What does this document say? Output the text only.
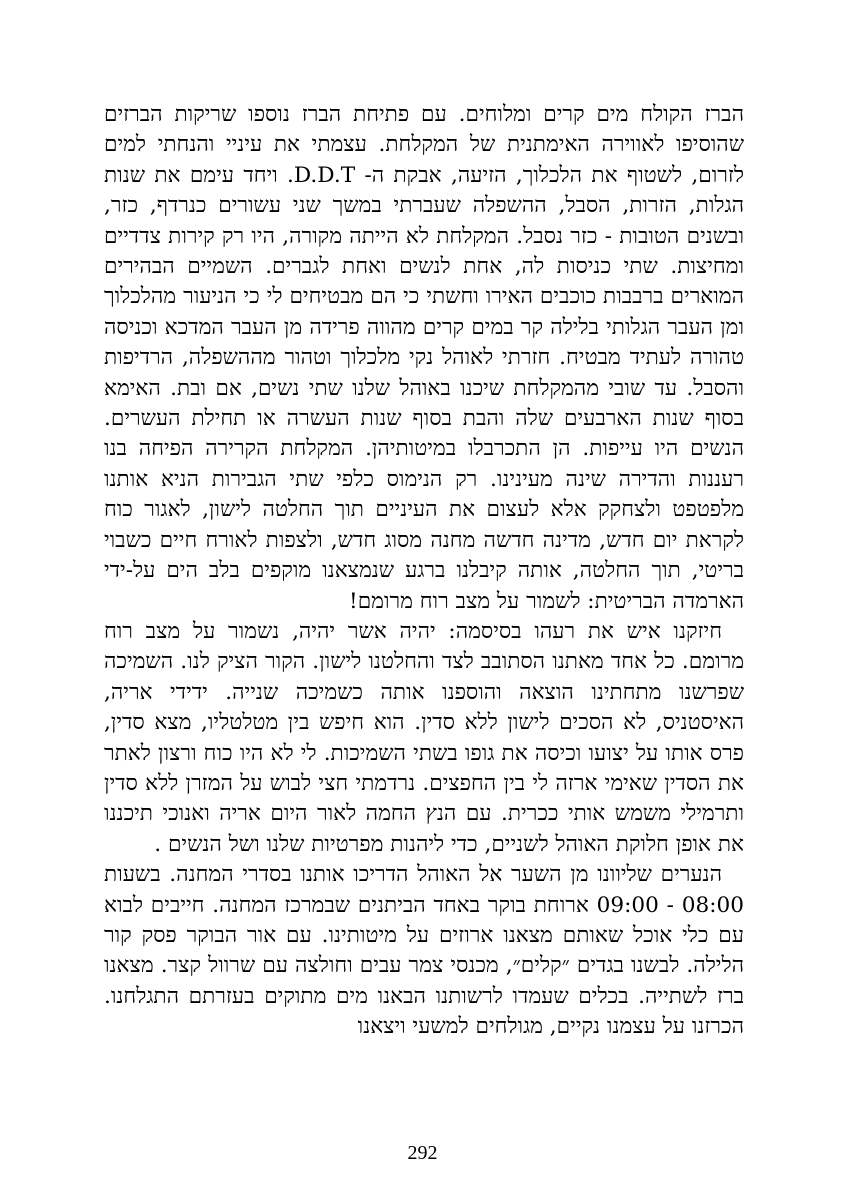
הברז הקולח מים קרים ומלוחים. עם פתיחת הברז נוספו שריקות הברזים שהוסיפו לאווירה האימתנית של המקלחת. עצמתי את עיניי והנחתי למים לזרום, לשטוף את הלכלוך, הזיעה, אבקת ה- D.D.T. ויחד עימם את שנות הגלות, הזרות, הסבל, ההשפלה שעברתי במשך שני עשורים כנרדף, כזר, ובשנים הטובות - כזר נסבל. המקלחת לא הייתה מקורה, היו רק קירות צדדיים ומחיצות. שתי כניסות לה, אחת לנשים ואחת לגברים. השמיים הבהירים המוארים ברבבות כוכבים האירו וחשתי כי הם מבטיחים לי כי הניעור מהלכלוך ומן העבר הגלותי בלילה קר במים קרים מהווה פרידה מן העבר המדכא וכניסה טהורה לעתיד מבטיח. חזרתי לאוהל נקי מלכלוך וטהור מההשפלה, הרדיפות והסבל. עד שובי מהמקלחת שיכנו באוהל שלנו שתי נשים, אם ובת. האימא בסוף שנות הארבעים שלה והבת בסוף שנות העשרה או תחילת העשרים. הנשים היו עייפות. הן התכרבלו במיטותיהן. המקלחת הקרירה הפיחה בנו רעננות והדירה שינה מעינינו. רק הנימוס כלפי שתי הגבירות הניא אותנו מלפטפט ולצחקק אלא לעצום את העיניים תוך החלטה לישון, לאגור כוח לקראת יום חדש, מדינה חדשה מחנה מסוג חדש, ולצפות לאורח חיים כשבוי בריטי, תוך החלטה, אותה קיבלנו ברגע שנמצאנו מוקפים בלב הים על-ידי הארמדה הבריטית: לשמור על מצב רוח מרומם!

חיזקנו איש את רעהו בסיסמה: יהיה אשר יהיה, נשמור על מצב רוח מרומם. כל אחד מאתנו הסתובב לצד והחלטנו לישון. הקור הציק לנו. השמיכה שפרשנו מתחתינו הוצאה והוספנו אותה כשמיכה שנייה. ידידי אריה, האיסטניס, לא הסכים לישון ללא סדין. הוא חיפש בין מטלטליו, מצא סדין, פרס אותו על יצועו וכיסה את גופו בשתי השמיכות. לי לא היו כוח ורצון לאתר את הסדין שאימי ארזה לי בין החפצים. נרדמתי חצי לבוש על המזרן ללא סדין ותרמילי משמש אותי ככרית. עם הנץ החמה לאור היום אריה ואנוכי תיכננו את אופן חלוקת האוהל לשניים, כדי ליהנות מפרטיות שלנו ושל הנשים .

הנערים שליוונו מן השער אל האוהל הדריכו אותנו בסדרי המחנה. בשעות 08:00 - 09:00 ארוחת בוקר באחד הביתנים שבמרכז המחנה. חייבים לבוא עם כלי אוכל שאותם מצאנו ארוזים על מיטותינו. עם אור הבוקר פסק קור הלילה. לבשנו בגדים ״קלים״, מכנסי צמר עבים וחולצה עם שרוול קצר. מצאנו ברז לשתייה. בכלים שעמדו לרשותנו הבאנו מים מתוקים בעזרתם התגלחנו. הכרזנו על עצמנו נקיים, מגולחים למשעי ויצאנו

292
